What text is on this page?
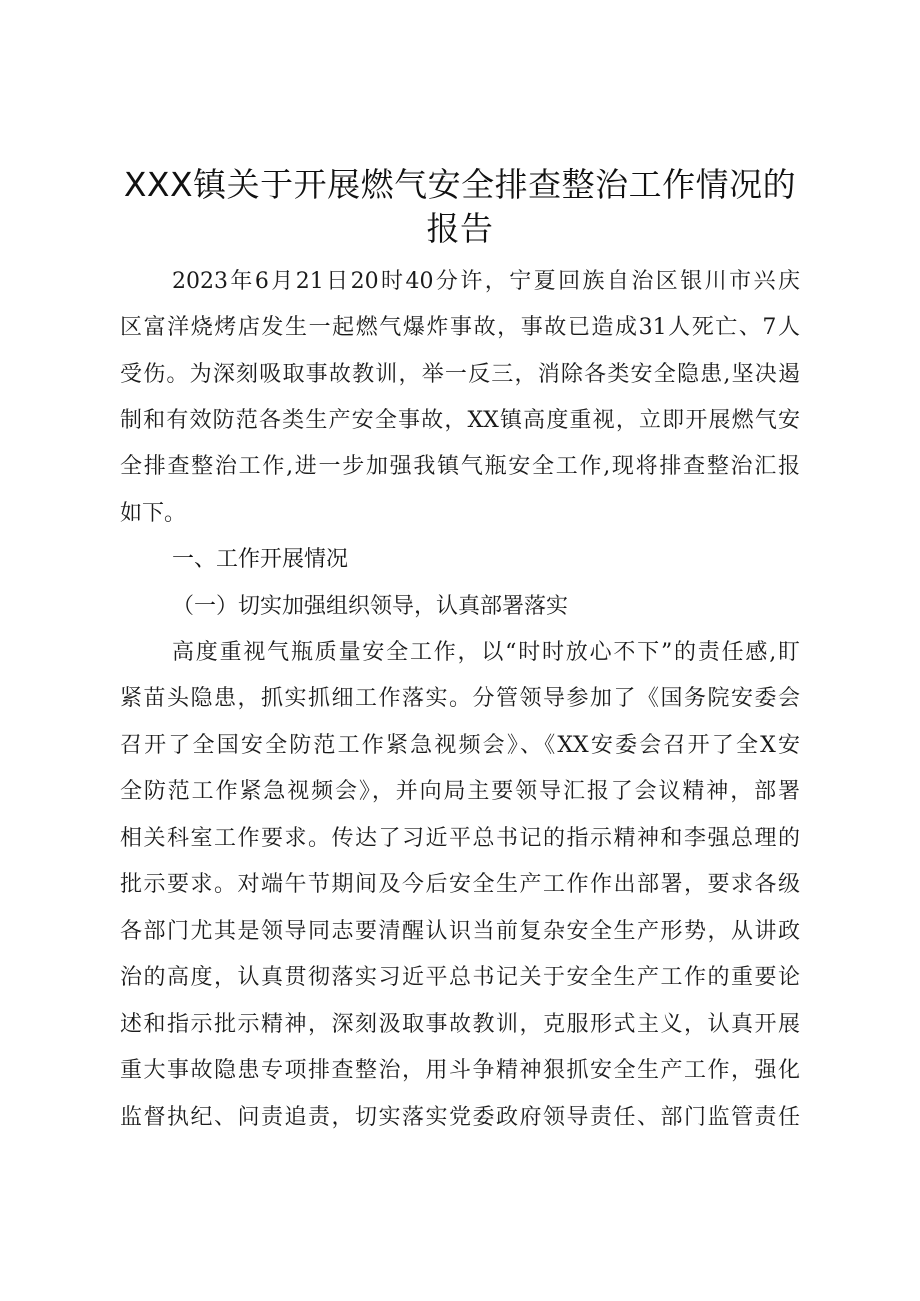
XXX镇关于开展燃气安全排查整治工作情况的
报告
2023年6月21日20时40分许，宁夏回族自治区银川市兴庆
区富洋烧烤店发生一起燃气爆炸事故，事故已造成31人死亡、7人
受伤。为深刻吸取事故教训，举一反三，消除各类安全隐患,坚决遏
制和有效防范各类生产安全事故，XX镇高度重视，立即开展燃气安
全排查整治工作,进一步加强我镇气瓶安全工作,现将排查整治汇报
如下。
一、工作开展情况
（一）切实加强组织领导，认真部署落实
高度重视气瓶质量安全工作，以“时时放心不下”的责任感,盯
紧苗头隐患，抓实抓细工作落实。分管领导参加了《国务院安委会
召开了全国安全防范工作紧急视频会》、《XX安委会召开了全X安
全防范工作紧急视频会》，并向局主要领导汇报了会议精神，部署
相关科室工作要求。传达了习近平总书记的指示精神和李强总理的
批示要求。对端午节期间及今后安全生产工作作出部署，要求各级
各部门尤其是领导同志要清醒认识当前复杂安全生产形势，从讲政
治的高度，认真贯彻落实习近平总书记关于安全生产工作的重要论
述和指示批示精神，深刻汲取事故教训，克服形式主义，认真开展
重大事故隐患专项排查整治，用斗争精神狠抓安全生产工作，强化
监督执纪、问责追责，切实落实党委政府领导责任、部门监管责任
